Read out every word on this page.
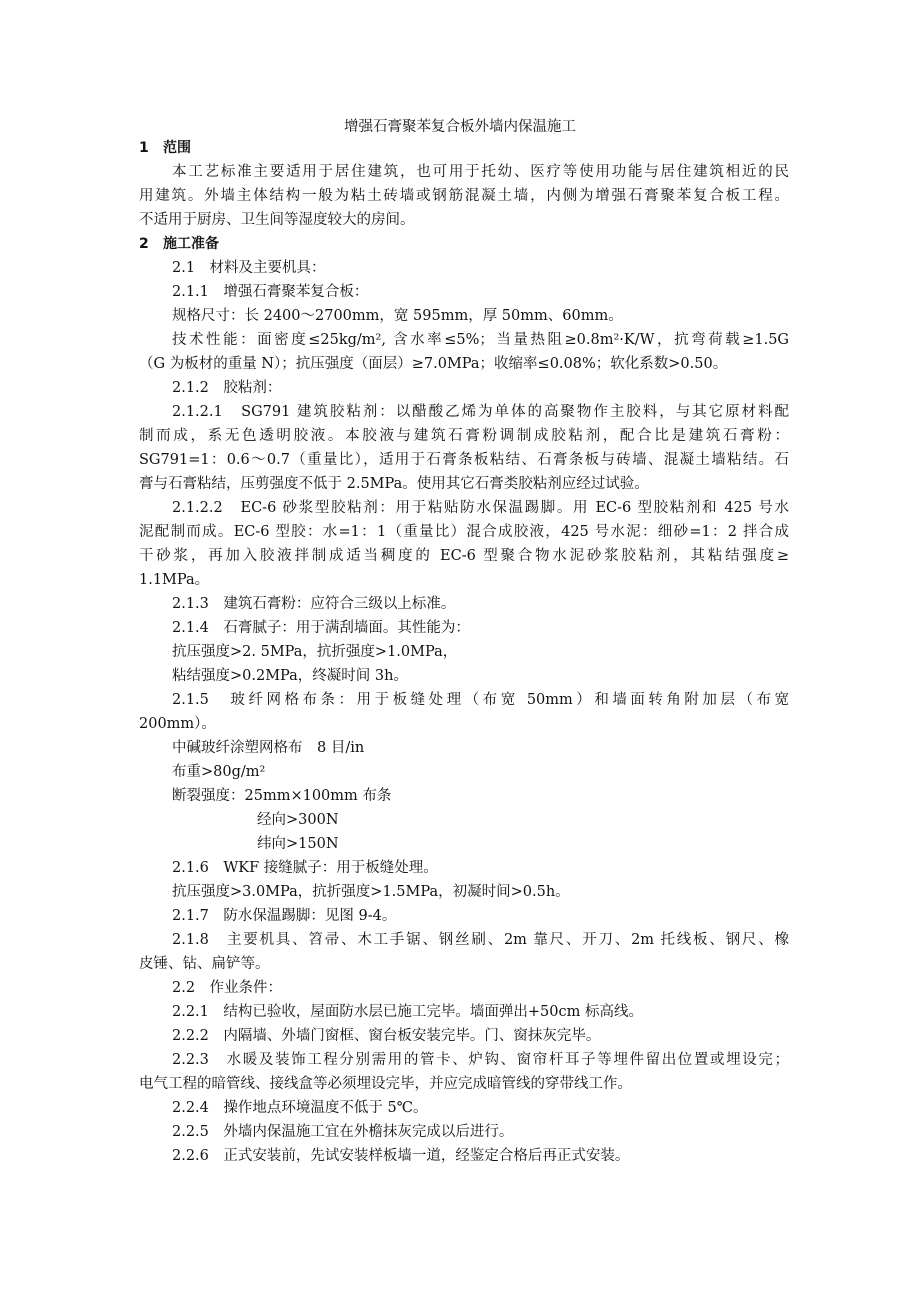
增强石膏聚苯复合板外墙内保温施工
1 范围
本工艺标准主要适用于居住建筑，也可用于托幼、医疗等使用功能与居住建筑相近的民
用建筑。外墙主体结构一般为粘土砖墙或钢筋混凝土墙，内侧为增强石膏聚苯复合板工程。
不适用于厨房、卫生间等湿度较大的房间。
2 施工准备
2.1　材料及主要机具：
2.1.1　增强石膏聚苯复合板：
规格尺寸：长 2400～2700mm，宽 595mm，厚 50mm、60mm。
技术性能：面密度≤25kg/m², 含水率≤5%；当量热阻≥0.8m²·K/W，抗弯荷载≥1.5G
（G 为板材的重量 N）；抗压强度（面层）≥7.0MPa；收缩率≤0.08%；软化系数>0.50。
2.1.2　胶粘剂：
2.1.2.1　SG791 建筑胶粘剂：以醋酸乙烯为单体的高聚物作主胶料，与其它原材料配
制而成，系无色透明胶液。本胶液与建筑石膏粉调制成胶粘剂，配合比是建筑石膏粉：
SG791=1：0.6～0.7（重量比），适用于石膏条板粘结、石膏条板与砖墙、混凝土墙粘结。石
膏与石膏粘结，压剪强度不低于 2.5MPa。使用其它石膏类胶粘剂应经过试验。
2.1.2.2　EC-6 砂浆型胶粘剂：用于粘贴防水保温踢脚。用 EC-6 型胶粘剂和 425 号水
泥配制而成。EC-6 型胶：水=1：1（重量比）混合成胶液，425 号水泥：细砂=1：2 拌合成
干砂浆，再加入胶液拌制成适当稠度的 EC-6 型聚合物水泥砂浆胶粘剂，其粘结强度≥
1.1MPa。
2.1.3　建筑石膏粉：应符合三级以上标准。
2.1.4　石膏腻子：用于满刮墙面。其性能为：
抗压强度>2. 5MPa，抗折强度>1.0MPa，
粘结强度>0.2MPa，终凝时间 3h。
2.1.5　玻纤网格布条：用于板缝处理（布宽 50mm）和墙面转角附加层（布宽
200mm）。
中碱玻纤涂塑网格布　8 目/in
布重>80g/m²
断裂强度：25mm×100mm 布条
经向>300N
纬向>150N
2.1.6　WKF 接缝腻子：用于板缝处理。
抗压强度>3.0MPa，抗折强度>1.5MPa，初凝时间>0.5h。
2.1.7　防水保温踢脚：见图 9-4。
2.1.8　主要机具、笤帚、木工手锯、钢丝刷、2m 靠尺、开刀、2m 托线板、钢尺、橡
皮锤、钻、扁铲等。
2.2　作业条件：
2.2.1　结构已验收，屋面防水层已施工完毕。墙面弹出+50cm 标高线。
2.2.2　内隔墙、外墙门窗框、窗台板安装完毕。门、窗抹灰完毕。
2.2.3　水暖及装饰工程分别需用的管卡、炉钩、窗帘杆耳子等埋件留出位置或埋设完；
电气工程的暗管线、接线盒等必须埋设完毕，并应完成暗管线的穿带线工作。
2.2.4　操作地点环境温度不低于 5℃。
2.2.5　外墙内保温施工宜在外檐抹灰完成以后进行。
2.2.6　正式安装前，先试安装样板墙一道，经鉴定合格后再正式安装。
